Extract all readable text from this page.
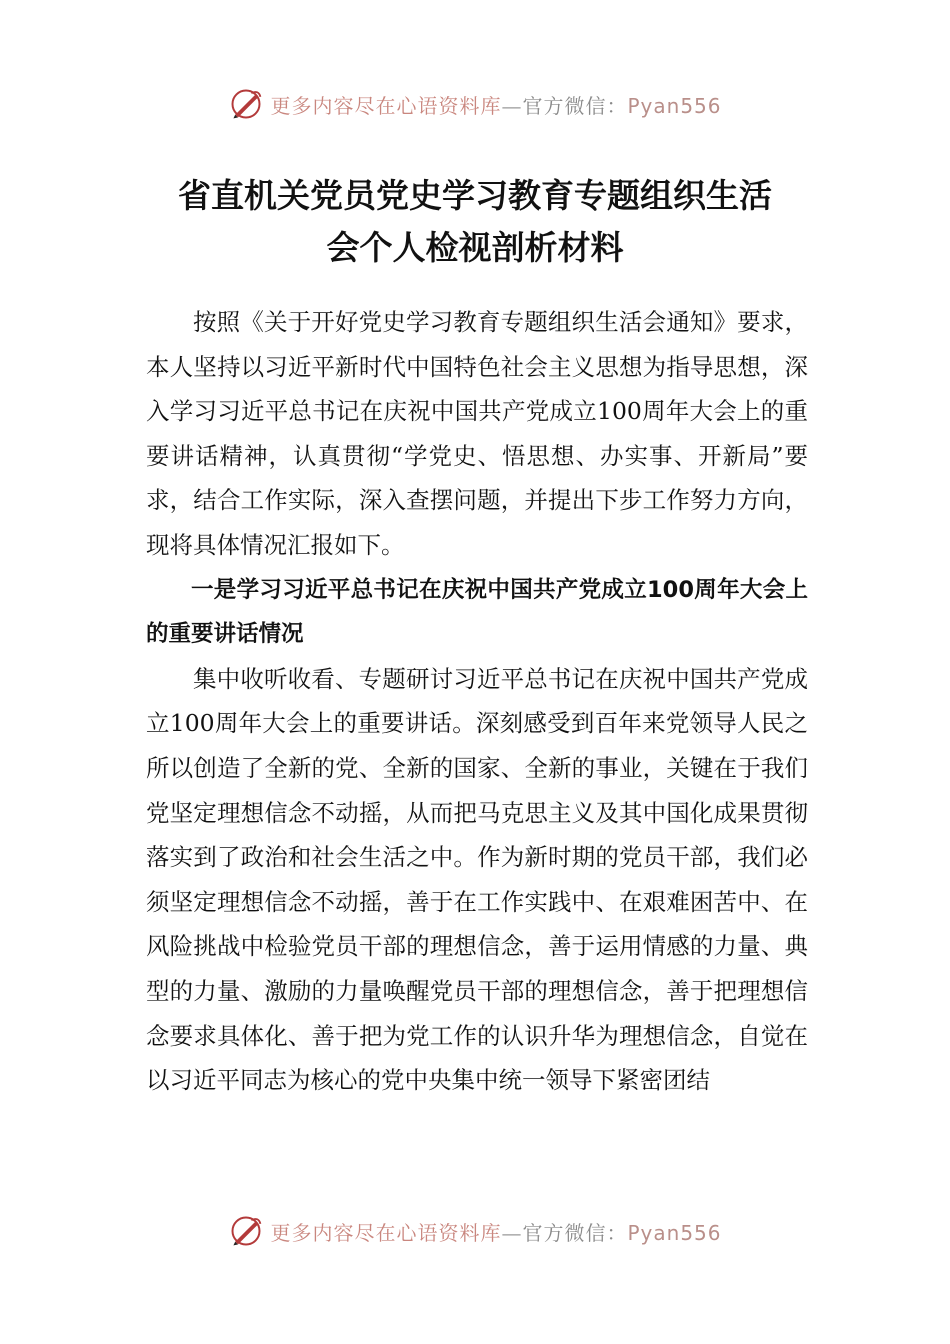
更多内容尽在心语资料库—官方微信：Pyan556
省直机关党员党史学习教育专题组织生活
会个人检视剖析材料

按照《关于开好党史学习教育专题组织生活会通知》要求，本人坚持以习近平新时代中国特色社会主义思想为指导思想，深入学习习近平总书记在庆祝中国共产党成立100周年大会上的重要讲话精神，认真贯彻“学党史、悟思想、办实事、开新局”要求，结合工作实际，深入查摆问题，并提出下步工作努力方向，现将具体情况汇报如下。

一是学习习近平总书记在庆祝中国共产党成立100周年大会上的重要讲话情况

集中收听收看、专题研讨习近平总书记在庆祝中国共产党成立100周年大会上的重要讲话。深刻感受到百年来党领导人民之所以创造了全新的党、全新的国家、全新的事业，关键在于我们党坚定理想信念不动摇，从而把马克思主义及其中国化成果贯彻落实到了政治和社会生活之中。作为新时期的党员干部，我们必须坚定理想信念不动摇，善于在工作实践中、在艰难困苦中、在风险挑战中检验党员干部的理想信念，善于运用情感的力量、典型的力量、激励的力量唤醒党员干部的理想信念，善于把理想信念要求具体化、善于把为党工作的认识升华为理想信念，自觉在以习近平同志为核心的党中央集中统一领导下紧密团结

更多内容尽在心语资料库—官方微信：Pyan556
